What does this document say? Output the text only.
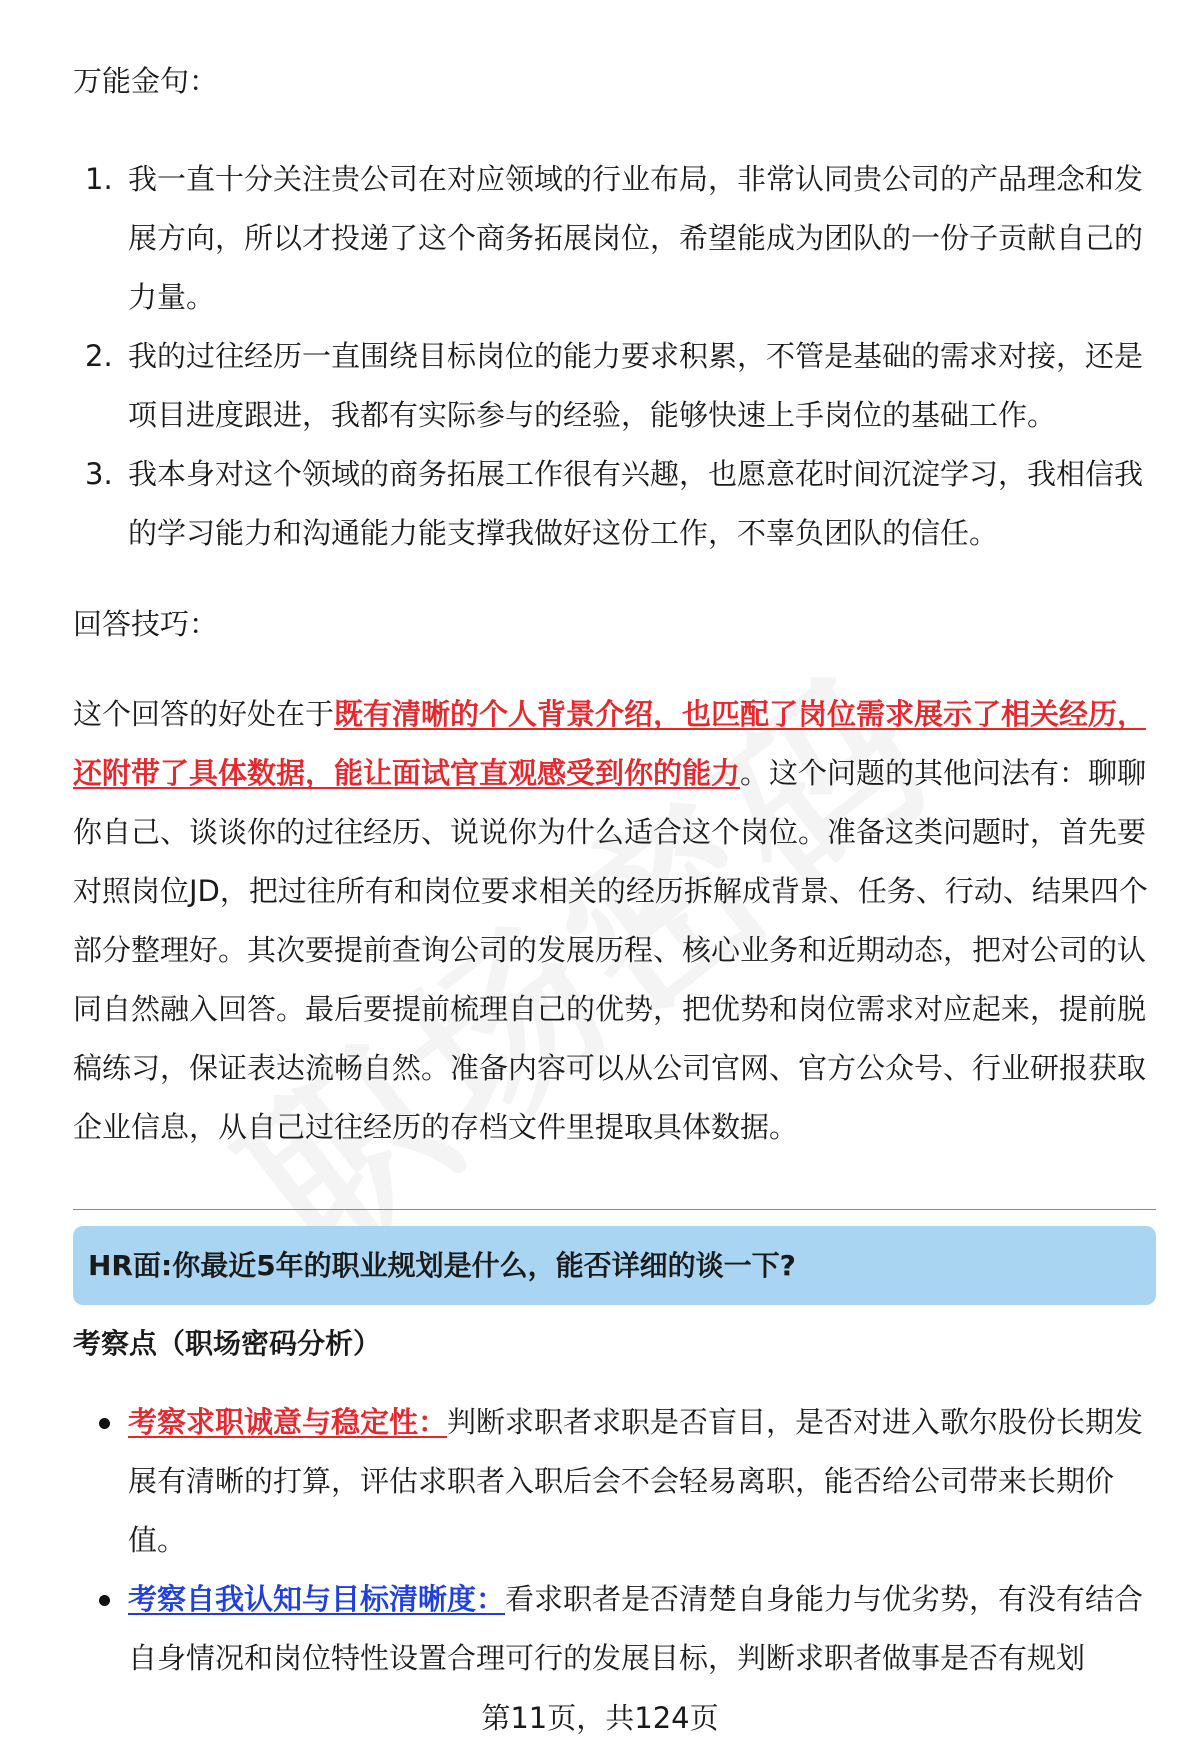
万能金句：

1. 我一直十分关注贵公司在对应领域的行业布局，非常认同贵公司的产品理念和发展方向，所以才投递了这个商务拓展岗位，希望能成为团队的一份子贡献自己的力量。
2. 我的过往经历一直围绕目标岗位的能力要求积累，不管是基础的需求对接，还是项目进度跟进，我都有实际参与的经验，能够快速上手岗位的基础工作。
3. 我本身对这个领域的商务拓展工作很有兴趣，也愿意花时间沉淀学习，我相信我的学习能力和沟通能力能支撑我做好这份工作，不辜负团队的信任。

回答技巧：

这个回答的好处在于既有清晰的个人背景介绍，也匹配了岗位需求展示了相关经历，还附带了具体数据，能让面试官直观感受到你的能力。这个问题的其他问法有：聊聊你自己、谈谈你的过往经历、说说你为什么适合这个岗位。准备这类问题时，首先要对照岗位JD，把过往所有和岗位要求相关的经历拆解成背景、任务、行动、结果四个部分整理好。其次要提前查询公司的发展历程、核心业务和近期动态，把对公司的认同自然融入回答。最后要提前梳理自己的优势，把优势和岗位需求对应起来，提前脱稿练习，保证表达流畅自然。准备内容可以从公司官网、官方公众号、行业研报获取企业信息，从自己过往经历的存档文件里提取具体数据。

HR面:你最近5年的职业规划是什么，能否详细的谈一下?

考察点（职场密码分析）

考察求职诚意与稳定性：判断求职者求职是否盲目，是否对进入歌尔股份长期发展有清晰的打算，评估求职者入职后会不会轻易离职，能否给公司带来长期价值。
考察自我认知与目标清晰度：看求职者是否清楚自身能力与优劣势，有没有结合自身情况和岗位特性设置合理可行的发展目标，判断求职者做事是否有规划
第11页，共124页
